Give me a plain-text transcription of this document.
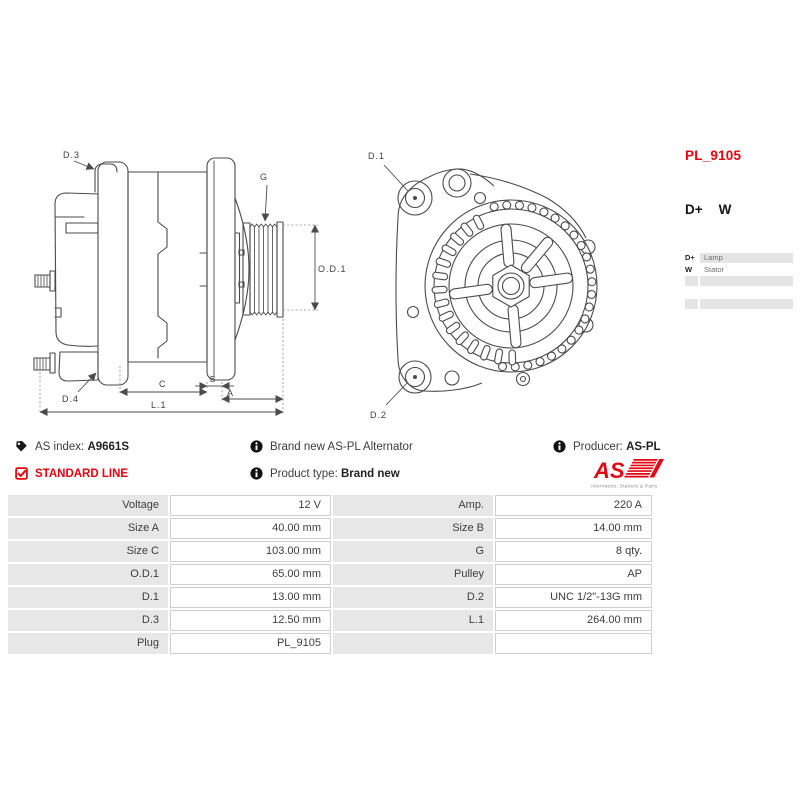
D.3
G
O.D.1
D.4
C	B
A
L.1
D.1
D.2
PL_9105
D+ W
D+	Lamp
W	Stator
AS index: A9661S
STANDARD LINE
Brand new AS-PL Alternator
Product type: Brand new
Producer: AS-PL
AS
Alternators, Starters & Parts
Voltage	12 V	Amp.	220 A
Size A	40.00 mm	Size B	14.00 mm
Size C	103.00 mm	G	8 qty.
O.D.1	65.00 mm	Pulley	AP
D.1	13.00 mm	D.2	UNC 1/2"-13G mm
D.3	12.50 mm	L.1	264.00 mm
Plug	PL_9105
